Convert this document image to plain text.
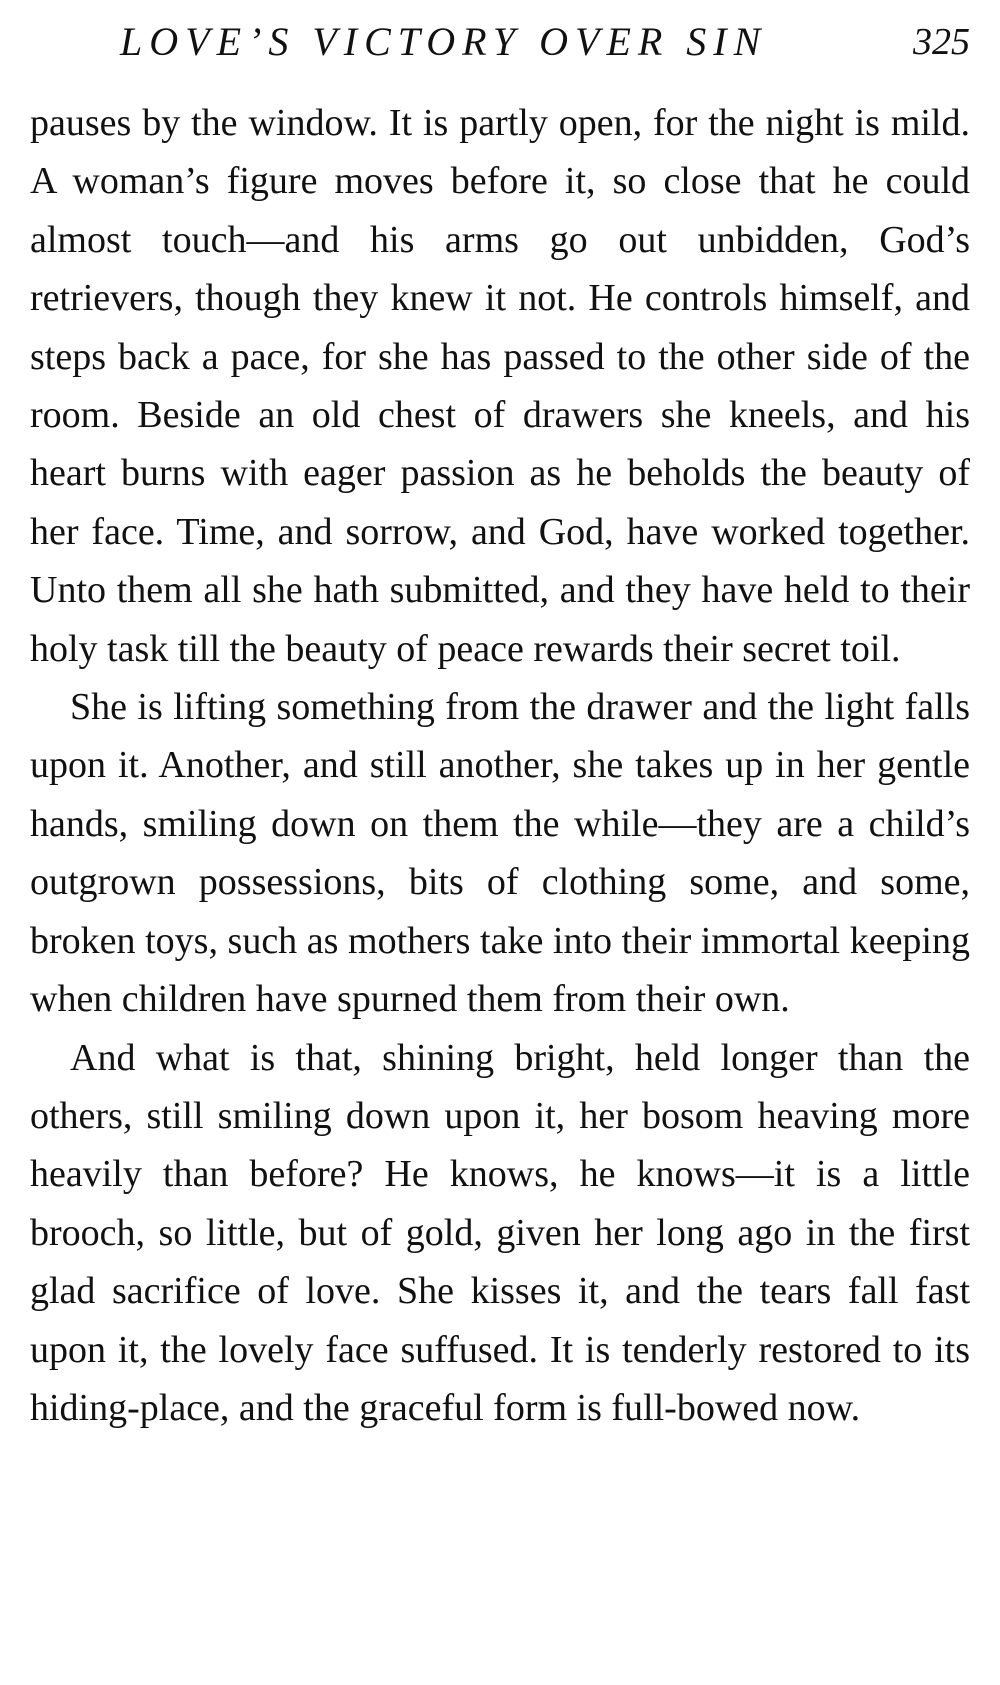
LOVE’S VICTORY OVER SIN	325

pauses by the window. It is partly open, for the night is mild. A woman’s figure moves before it, so close that he could almost touch—and his arms go out unbidden, God’s retrievers, though they knew it not. He controls himself, and steps back a pace, for she has passed to the other side of the room. Beside an old chest of drawers she kneels, and his heart burns with eager passion as he beholds the beauty of her face. Time, and sorrow, and God, have worked together. Unto them all she hath submitted, and they have held to their holy task till the beauty of peace rewards their secret toil.

She is lifting something from the drawer and the light falls upon it. Another, and still another, she takes up in her gentle hands, smiling down on them the while—they are a child’s outgrown possessions, bits of clothing some, and some, broken toys, such as mothers take into their immortal keeping when children have spurned them from their own.

And what is that, shining bright, held longer than the others, still smiling down upon it, her bosom heaving more heavily than before? He knows, he knows—it is a little brooch, so little, but of gold, given her long ago in the first glad sacrifice of love. She kisses it, and the tears fall fast upon it, the lovely face suffused. It is tenderly restored to its hiding-place, and the graceful form is full-bowed now.
